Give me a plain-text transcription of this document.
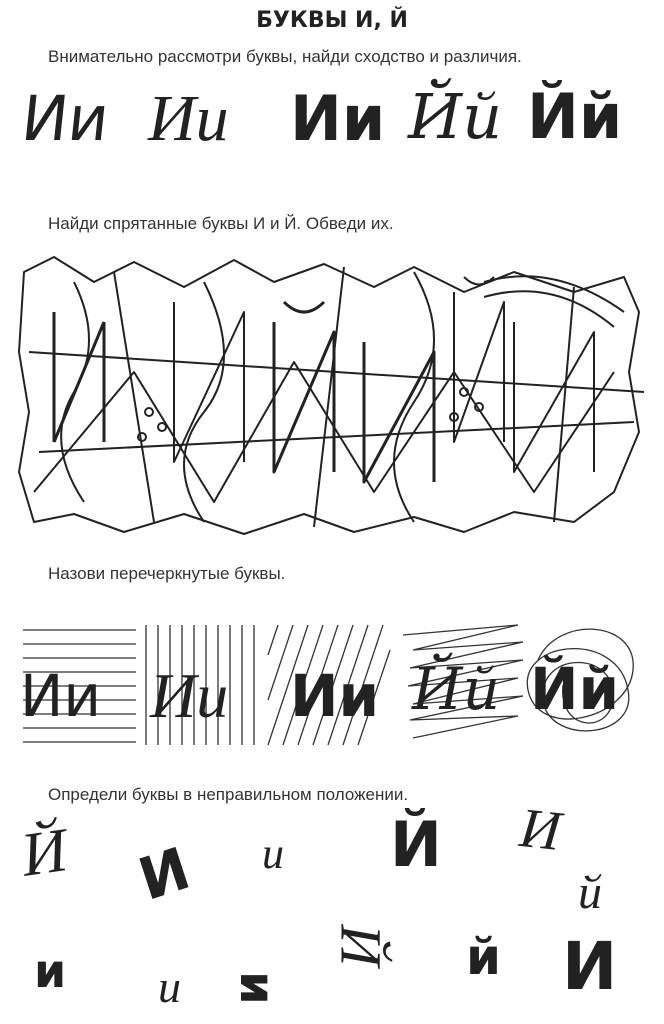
БУКВЫ И, Й
Внимательно рассмотри буквы, найди сходство и различия.
Ии Ии Ии Йй Йй
Найди спрятанные буквы И и Й. Обведи их.
Назови перечеркнутые буквы.
Ии Ии Ии Йй Йй
Определи буквы в неправильном положении.
Й И и Й И
й
и и и
Й й И
